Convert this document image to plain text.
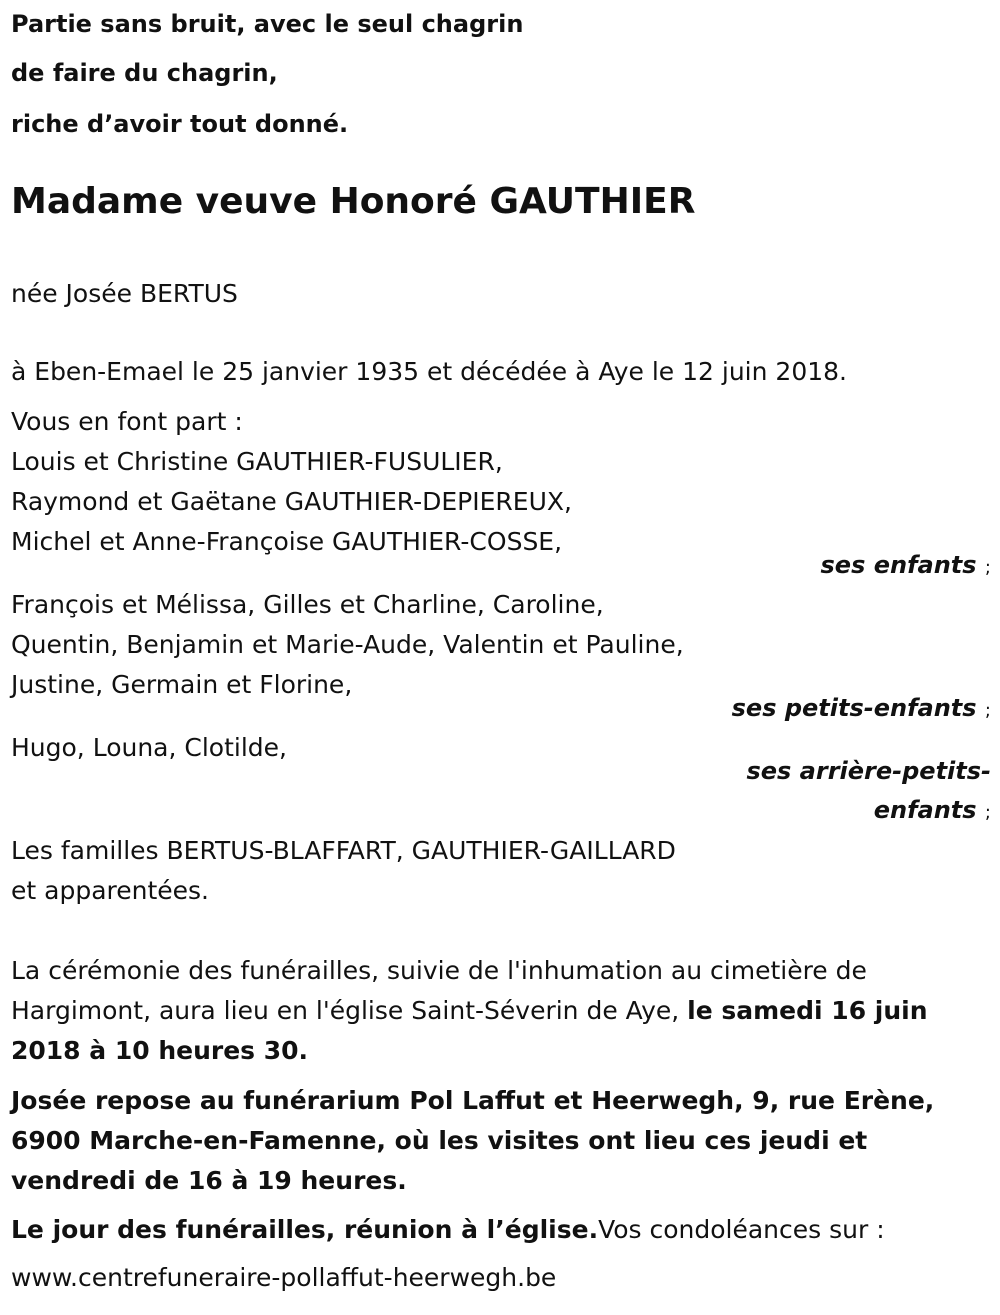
Partie sans bruit, avec le seul chagrin
de faire du chagrin,
riche d’avoir tout donné.
Madame veuve Honoré GAUTHIER
née Josée BERTUS
à Eben-Emael le 25 janvier 1935 et décédée à Aye le 12 juin 2018.
Vous en font part :
Louis et Christine GAUTHIER-FUSULIER,
Raymond et Gaëtane GAUTHIER-DEPIEREUX,
Michel et Anne-Françoise GAUTHIER-COSSE,
ses enfants ;
François et Mélissa, Gilles et Charline, Caroline,
Quentin, Benjamin et Marie-Aude, Valentin et Pauline,
Justine, Germain et Florine,
ses petits-enfants ;
Hugo, Louna, Clotilde,
ses arrière-petits-
enfants ;
Les familles BERTUS-BLAFFART, GAUTHIER-GAILLARD
et apparentées.
La cérémonie des funérailles, suivie de l'inhumation au cimetière de Hargimont, aura lieu en l'église Saint-Séverin de Aye, le samedi 16 juin 2018 à 10 heures 30.
Josée repose au funérarium Pol Laffut et Heerwegh, 9, rue Erène, 6900 Marche-en-Famenne, où les visites ont lieu ces jeudi et vendredi de 16 à 19 heures.
Le jour des funérailles, réunion à l’église.Vos condoléances sur :
www.centrefuneraire-pollaffut-heerwegh.be
